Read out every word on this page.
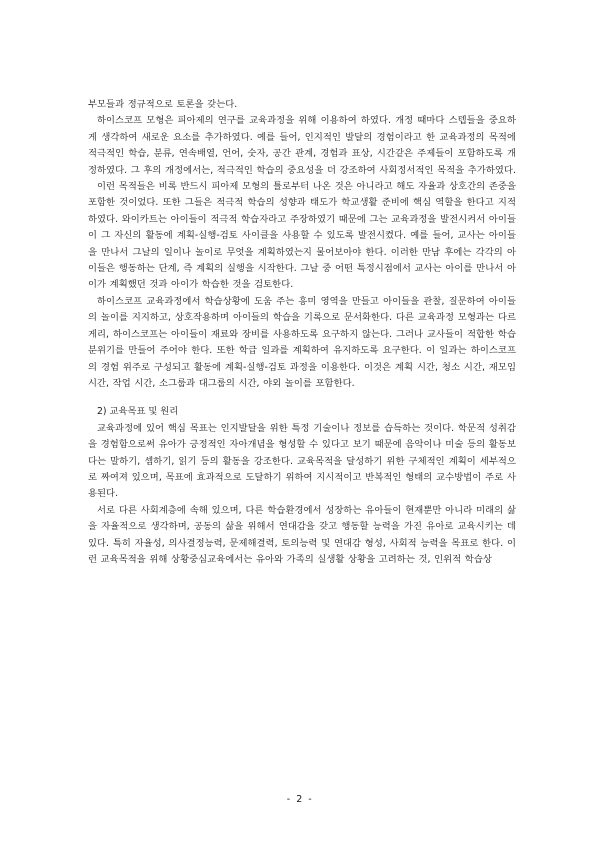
부모들과 정규적으로 토론을 갖는다.

하이스코프 모형은 피아제의 연구를 교육과정을 위해 이용하여 하였다. 개정 때마다 스텝들을 중요하게 생각하여 새로운 요소를 추가하였다. 예를 들어, 인지적인 발달의 경험이라고 한 교육과정의 목적에 적극적인 학습, 분류, 연속배열, 언어, 숫자, 공간 관계, 경험과 표상, 시간같은 주제들이 포함하도록 개정하였다. 그 후의 개정에서는, 적극적인 학습의 중요성을 더 강조하여 사회정서적인 목적을 추가하였다.

이런 목적들은 비록 반드시 피아제 모형의 틀로부터 나온 것은 아니라고 해도 자율과 상호간의 존중을 포함한 것이었다. 또한 그들은 적극적 학습의 성향과 태도가 학교생활 준비에 핵심 역할을 한다고 지적하였다. 와이카트는 아이들이 적극적 학습자라고 주장하였기 때문에 그는 교육과정을 발전시켜서 아이들이 그 자신의 활동에 계획-실행-검토 사이클을 사용할 수 있도록 발전시켰다. 예를 들어, 교사는 아이들을 만나서 그날의 일이나 놀이로 무엇을 계획하였는지 물어보아야 한다. 이러한 만남 후에는 각각의 아이들은 행동하는 단계, 즉 계획의 실행을 시작한다. 그날 중 어떤 특정시점에서 교사는 아이를 만나서 아이가 계획했던 것과 아이가 학습한 것을 검토한다.

하이스코프 교육과정에서 학습상황에 도움 주는 흥미 영역을 만들고 아이들을 관찰, 질문하여 아이들의 놀이를 지지하고, 상호작용하며 아이들의 학습을 기록으로 문서화한다. 다른 교육과정 모형과는 다르게리, 하이스코프는 아이들이 재료와 장비를 사용하도록 요구하지 않는다. 그러나 교사들이 적합한 학습 분위기를 만들어 주어야 한다. 또한 학급 일과를 계획하여 유지하도록 요구한다. 이 일과는 하이스코프의 경험 위주로 구성되고 활동에 계획-실행-검토 과정을 이용한다. 이것은 계획 시간, 청소 시간, 재모임 시간, 작업 시간, 소그룹과 대그룹의 시간, 야외 놀이를 포함한다.

2) 교육목표 및 원리

교육과정에 있어 핵심 목표는 인지발달을 위한 특정 기술이나 정보를 습득하는 것이다. 학문적 성취감을 경험함으로써 유아가 긍정적인 자아개념을 형성할 수 있다고 보기 때문에 음악이나 미술 등의 활동보다는 말하기, 셈하기, 읽기 등의 활동을 강조한다. 교육목적을 달성하기 위한 구체적인 계획이 세부적으로 짜여져 있으며, 목표에 효과적으로 도달하기 위하여 지시적이고 반복적인 형태의 교수방법이 주로 사용된다.

서로 다른 사회계층에 속해 있으며, 다른 학습환경에서 성장하는 유아들이 현재뿐만 아니라 미래의 삶을 자율적으로 생각하며, 공동의 삶을 위해서 연대감을 갖고 행동할 능력을 가진 유아로 교육시키는 데 있다. 특히 자율성, 의사결정능력, 문제해결력, 토의능력 및 연대감 형성, 사회적 능력을 목표로 한다. 이런 교육목적을 위해 상황중심교육에서는 유아와 가족의 실생활 상황을 고려하는 것, 인위적 학습상

- 2 -
